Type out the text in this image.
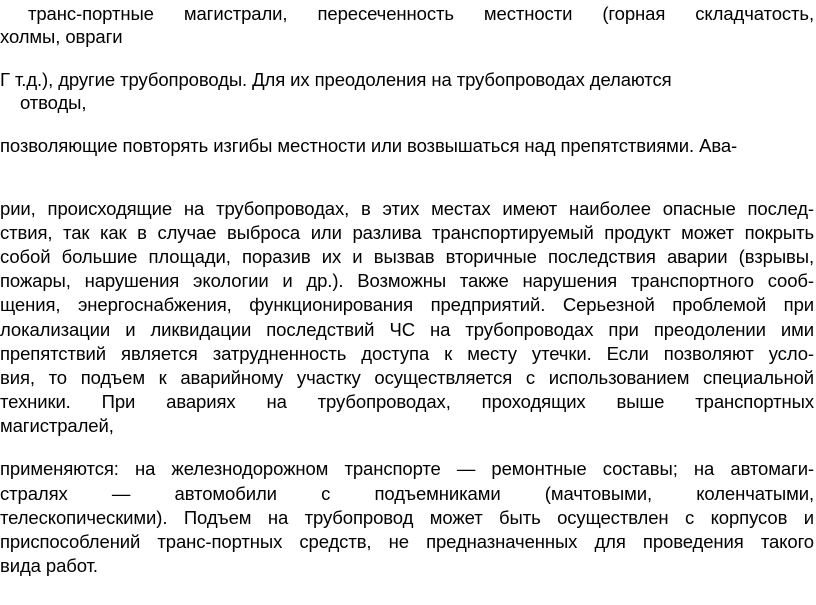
транс-портные магистрали, пересеченность местности (горная складчатость,
холмы, овраги
Г т.д.), другие трубопроводы. Для их преодоления на трубопроводах делаются
отводы,
позволяющие повторять изгибы местности или возвышаться над препятствиями. Ава-
рии, происходящие на трубопроводах, в этих местах имеют наиболее опасные послед-
ствия, так как в случае выброса или разлива транспортируемый продукт может покрыть
собой большие площади, поразив их и вызвав вторичные последствия аварии (взрывы,
пожары, нарушения экологии и др.). Возможны также нарушения транспортного сооб-
щения, энергоснабжения, функционирования предприятий. Серьезной проблемой при
локализации и ликвидации последствий ЧС на трубопроводах при преодолении ими
препятствий является затрудненность доступа к месту утечки. Если позволяют усло-
вия, то подъем к аварийному участку осуществляется с использованием специальной
техники. При авариях на трубопроводах, проходящих выше транспортных
магистралей,
применяются: на железнодорожном транспорте — ремонтные составы; на автомаги-
стралях — автомобили с подъемниками (мачтовыми, коленчатыми,
телескопическими). Подъем на трубопровод может быть осуществлен с корпусов и
приспособлений транс-портных средств, не предназначенных для проведения такого
вида работ.
